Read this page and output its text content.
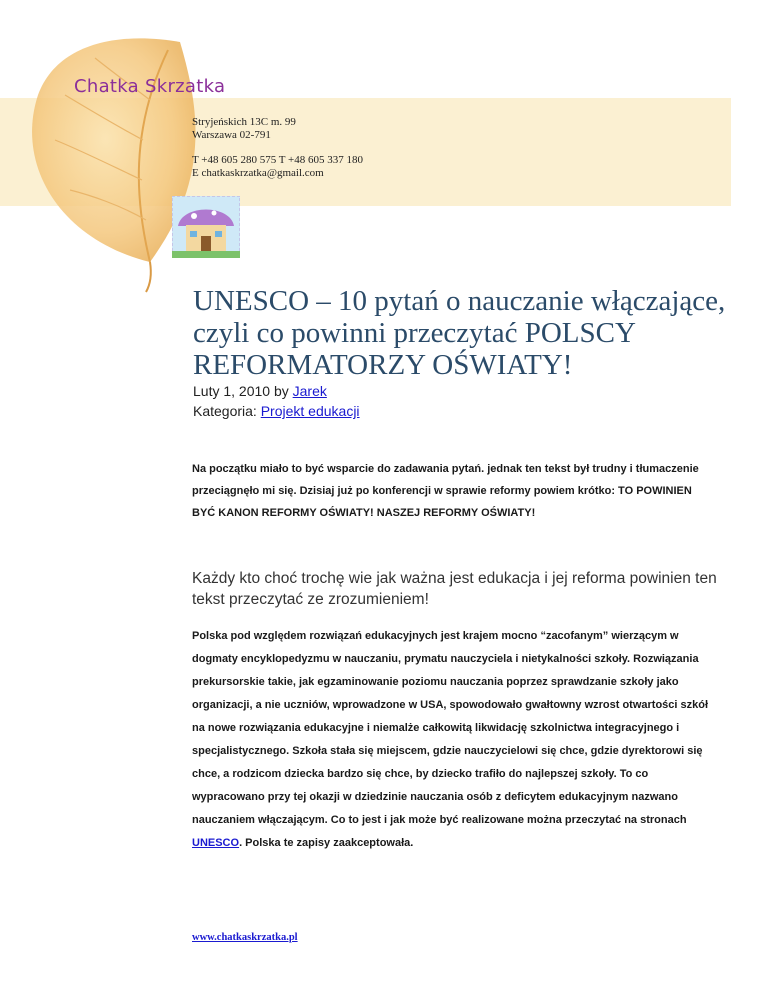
Chatka Skrzatka
Stryjeńskich 13C m. 99
Warszawa 02-791
T +48 605 280 575 T +48 605 337 180
E chatkaskrzatka@gmail.com
UNESCO – 10 pytań o nauczanie włączające, czyli co powinni przeczytać POLSCY REFORMATORZY OŚWIATY!
Luty 1, 2010 by Jarek
Kategoria: Projekt edukacji
Na początku miało to być wsparcie do zadawania pytań. jednak ten tekst był trudny i tłumaczenie przeciągnęło mi się. Dzisiaj już po konferencji w sprawie reformy powiem krótko: TO POWINIEN BYĆ KANON REFORMY OŚWIATY! NASZEJ REFORMY OŚWIATY!
Każdy kto choć trochę wie jak ważna jest edukacja i jej reforma powinien ten tekst przeczytać ze zrozumieniem!
Polska pod względem rozwiązań edukacyjnych jest krajem mocno “zacofanym” wierzącym w dogmaty encyklopedyzmu w nauczaniu, prymatu nauczyciela i nietykalności szkoły. Rozwiązania prekursorskie takie, jak egzaminowanie poziomu nauczania poprzez sprawdzanie szkoły jako organizacji, a nie uczniów, wprowadzone w USA, spowodowało gwałtowny wzrost otwartości szkół na nowe rozwiązania edukacyjne i niemalże całkowitą likwidację szkolnictwa integracyjnego i specjalistycznego. Szkoła stała się miejscem, gdzie nauczycielowi się chce, gdzie dyrektorowi się chce, a rodzicom dziecka bardzo się chce, by dziecko trafiło do najlepszej szkoły. To co wypracowano przy tej okazji w dziedzinie nauczania osób z deficytem edukacyjnym nazwano nauczaniem włączającym. Co to jest i jak może być realizowane można przeczytać na stronach UNESCO. Polska te zapisy zaakceptowała.
www.chatkaskrzatka.pl
